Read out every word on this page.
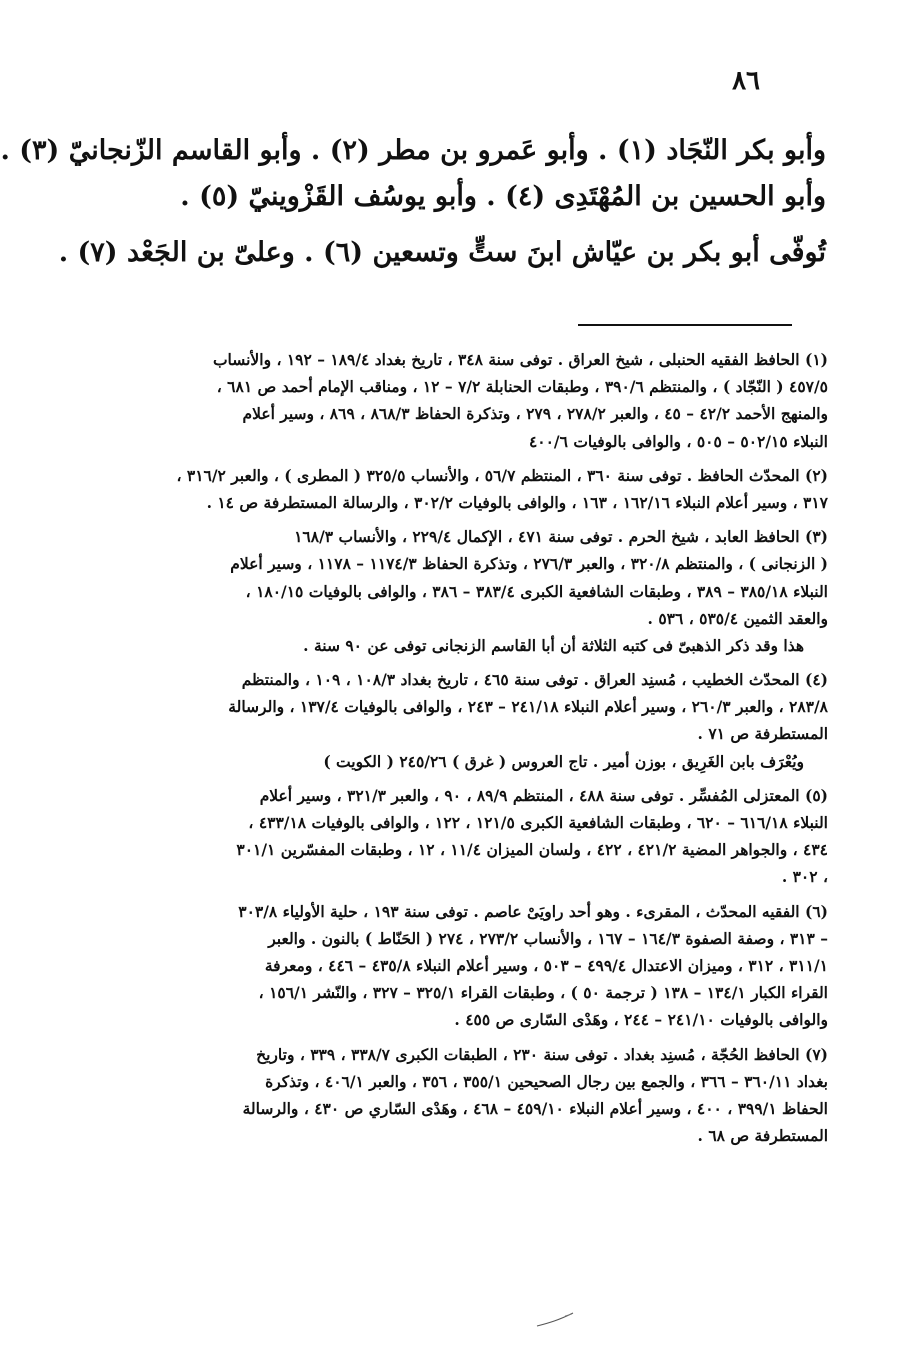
٨٦
وأبو بكر النّجَاد (١) . وأبو عَمرو بن مطر (٢) . وأبو القاسم الزّنجانيّ (٣) .
وأبو الحسين بن المُهْتَدِى (٤) . وأبو يوسُف القَزْوينيّ (٥) .
تُوفّى أبو بكر بن عيّاش ابنَ ستٍّ وتسعين (٦) . وعلىّ بن الجَعْد (٧) .
(١) الحافظ الفقيه الحنبلى ، شيخ العراق . توفى سنة ٣٤٨ ، تاريخ بغداد ١٨٩/٤ – ١٩٢ ، والأنساب
٤٥٧/٥ ( النّجّاد ) ، والمنتظم ٣٩٠/٦ ، وطبقات الحنابلة ٧/٢ – ١٢ ، ومناقب الإمام أحمد ص ٦٨١ ،
والمنهج الأحمد ٤٢/٢ – ٤٥ ، والعبر ٢٧٨/٢ ، ٢٧٩ ، وتذكرة الحفاظ ٨٦٨/٣ ، ٨٦٩ ، وسير أعلام
النبلاء ٥٠٢/١٥ – ٥٠٥ ، والوافى بالوفيات ٤٠٠/٦
(٢) المحدّث الحافظ . توفى سنة ٣٦٠ ، المنتظم ٥٦/٧ ، والأنساب ٣٢٥/٥ ( المطرى ) ، والعبر ٣١٦/٢ ،
٣١٧ ، وسير أعلام النبلاء ١٦٢/١٦ ، ١٦٣ ، والوافى بالوفيات ٣٠٢/٢ ، والرسالة المستطرفة ص ١٤ .
(٣) الحافظ العابد ، شيخ الحرم . توفى سنة ٤٧١ ، الإكمال ٢٢٩/٤ ، والأنساب ١٦٨/٣
( الزنجانى ) ، والمنتظم ٣٢٠/٨ ، والعبر ٢٧٦/٣ ، وتذكرة الحفاظ ١١٧٤/٣ – ١١٧٨ ، وسير أعلام
النبلاء ٣٨٥/١٨ – ٣٨٩ ، وطبقات الشافعية الكبرى ٣٨٣/٤ – ٣٨٦ ، والوافى بالوفيات ١٨٠/١٥ ،
والعقد الثمين ٥٣٥/٤ ، ٥٣٦ .
هذا وقد ذكر الذهبىّ فى كتبه الثلاثة أن أبا القاسم الزنجانى توفى عن ٩٠ سنة .
(٤) المحدّث الخطيب ، مُسنِد العراق . توفى سنة ٤٦٥ ، تاريخ بغداد ١٠٨/٣ ، ١٠٩ ، والمنتظم
٢٨٣/٨ ، والعبر ٢٦٠/٣ ، وسير أعلام النبلاء ٢٤١/١٨ – ٢٤٣ ، والوافى بالوفيات ١٣٧/٤ ، والرسالة
المستطرفة ص ٧١ .
ويُعْرَف بابن الغَرِيق ، بوزن أمير . تاج العروس ( غرق ) ٢٤٥/٢٦ ( الكويت )
(٥) المعتزلى المُفسِّر . توفى سنة ٤٨٨ ، المنتظم ٨٩/٩ ، ٩٠ ، والعبر ٣٢١/٣ ، وسير أعلام
النبلاء ٦١٦/١٨ – ٦٢٠ ، وطبقات الشافعية الكبرى ١٢١/٥ ، ١٢٢ ، والوافى بالوفيات ٤٣٣/١٨ ،
٤٣٤ ، والجواهر المضية ٤٢١/٢ ، ٤٢٢ ، ولسان الميزان ١١/٤ ، ١٢ ، وطبقات المفسّرين ٣٠١/١
، ٣٠٢ .
(٦) الفقيه المحدّث ، المقرىء . وهو أحد راويَىْ عاصم . توفى سنة ١٩٣ ، حلية الأولياء ٣٠٣/٨
– ٣١٣ ، وصفة الصفوة ١٦٤/٣ – ١٦٧ ، والأنساب ٢٧٣/٢ ، ٢٧٤ ( الحَنّاط ) بالنون . والعبر
٣١١/١ ، ٣١٢ ، وميزان الاعتدال ٤٩٩/٤ – ٥٠٣ ، وسير أعلام النبلاء ٤٣٥/٨ – ٤٤٦ ، ومعرفة
القراء الكبار ١٣٤/١ – ١٣٨ ( ترجمة ٥٠ ) ، وطبقات القراء ٣٢٥/١ – ٣٢٧ ، والنّشر ١٥٦/١ ،
والوافى بالوفيات ٢٤١/١٠ – ٢٤٤ ، وهَدْى السّارى ص ٤٥٥ .
(٧) الحافظ الحُجّة ، مُسنِد بغداد . توفى سنة ٢٣٠ ، الطبقات الكبرى ٣٣٨/٧ ، ٣٣٩ ، وتاريخ
بغداد ٣٦٠/١١ – ٣٦٦ ، والجمع بين رجال الصحيحين ٣٥٥/١ ، ٣٥٦ ، والعبر ٤٠٦/١ ، وتذكرة
الحفاظ ٣٩٩/١ ، ٤٠٠ ، وسير أعلام النبلاء ٤٥٩/١٠ – ٤٦٨ ، وهَدْى السّاري ص ٤٣٠ ، والرسالة
المستطرفة ص ٦٨ .
